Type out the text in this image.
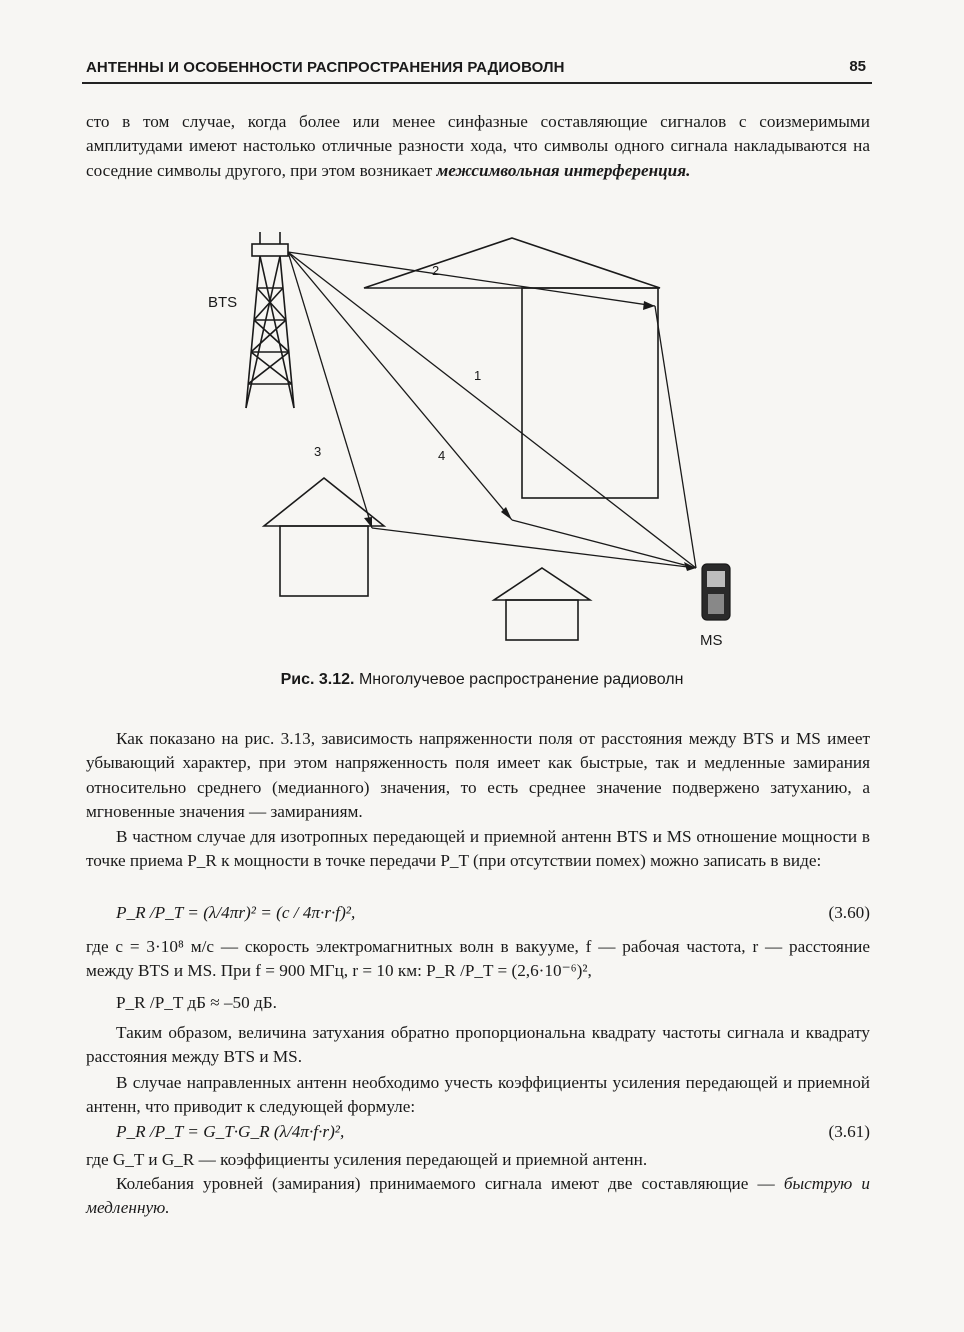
АНТЕННЫ И ОСОБЕННОСТИ РАСПРОСТРАНЕНИЯ РАДИОВОЛН	85
сто в том случае, когда более или менее синфазные составляющие сигналов с соизмеримыми амплитудами имеют настолько отличные разности хода, что символы одного сигнала накладываются на соседние символы другого, при этом возникает межсимвольная интерференция.
BTS
MS
1
2
3	4
Рис. 3.12. Многолучевое распространение радиоволн
Как показано на рис. 3.13, зависимость напряженности поля от расстояния между BTS и MS имеет убывающий характер, при этом напряженность поля имеет как быстрые, так и медленные замирания относительно среднего (медианного) значения, то есть среднее значение подвержено затуханию, а мгновенные значения — замираниям.
В частном случае для изотропных передающей и приемной антенн BTS и MS отношение мощности в точке приема P_R к мощности в точке передачи P_T (при отсутствии помех) можно записать в виде:
P_R /P_T = (λ/4πr)² = (c / 4π·r·f)²,	(3.60)
где c = 3·10⁸ м/с — скорость электромагнитных волн в вакууме, f — рабочая частота, r — расстояние между BTS и MS. При f = 900 МГц, r = 10 км: P_R /P_T = (2,6·10⁻⁶)²,
P_R /P_T дБ ≈ –50 дБ.
Таким образом, величина затухания обратно пропорциональна квадрату частоты сигнала и квадрату расстояния между BTS и MS.
В случае направленных антенн необходимо учесть коэффициенты усиления передающей и приемной антенн, что приводит к следующей формуле:
P_R /P_T = G_T·G_R (λ/4π·f·r)²,	(3.61)
где G_T и G_R — коэффициенты усиления передающей и приемной антенн.
Колебания уровней (замирания) принимаемого сигнала имеют две составляющие — быструю и медленную.
